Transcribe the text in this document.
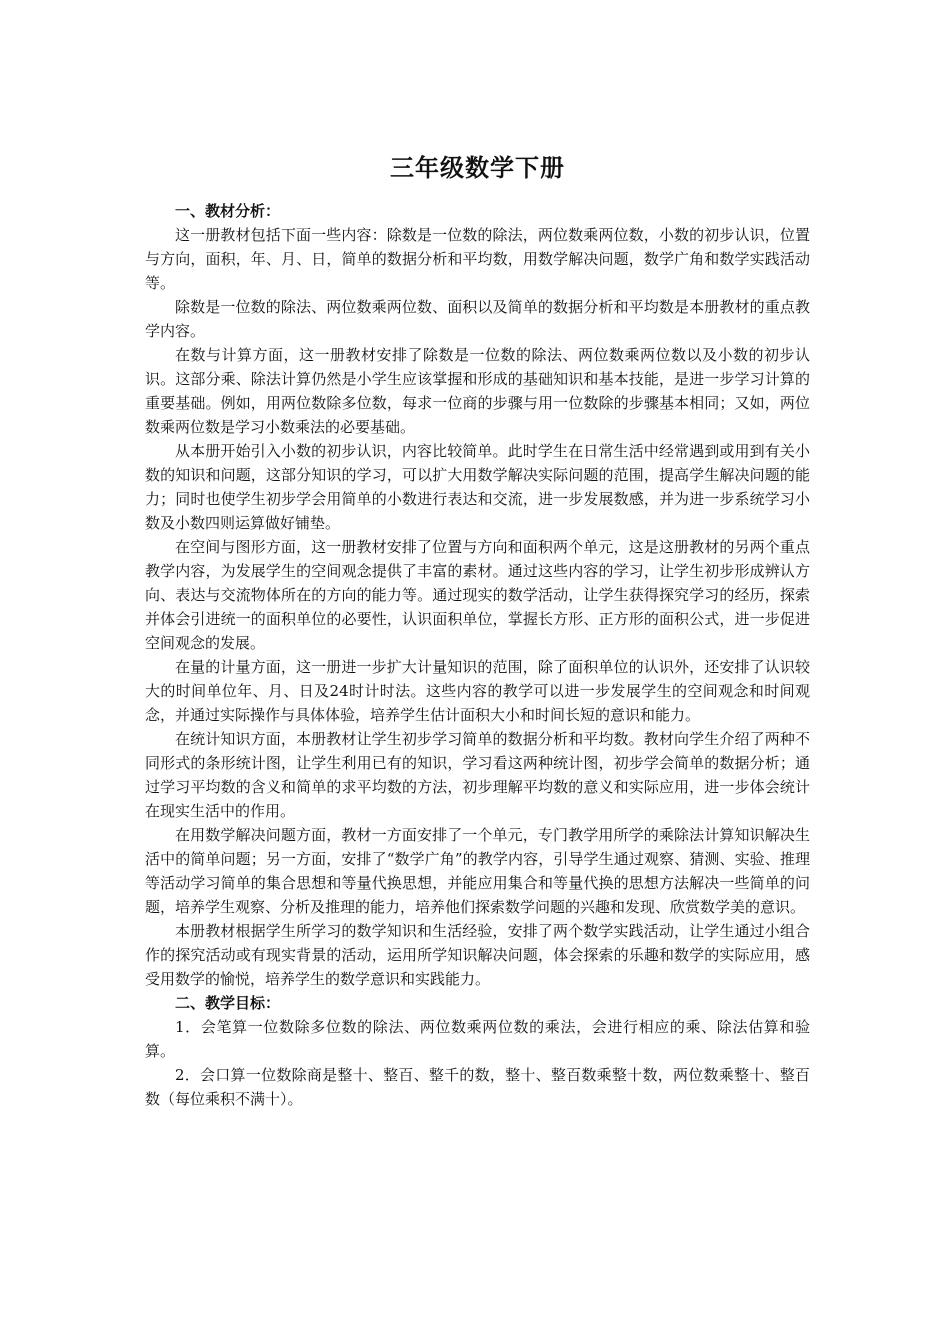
三年级数学下册

一、教材分析：

这一册教材包括下面一些内容：除数是一位数的除法，两位数乘两位数，小数的初步认识，位置与方向，面积，年、月、日，简单的数据分析和平均数，用数学解决问题，数学广角和数学实践活动等。

除数是一位数的除法、两位数乘两位数、面积以及简单的数据分析和平均数是本册教材的重点教学内容。

在数与计算方面，这一册教材安排了除数是一位数的除法、两位数乘两位数以及小数的初步认识。这部分乘、除法计算仍然是小学生应该掌握和形成的基础知识和基本技能，是进一步学习计算的重要基础。例如，用两位数除多位数，每求一位商的步骤与用一位数除的步骤基本相同；又如，两位数乘两位数是学习小数乘法的必要基础。

从本册开始引入小数的初步认识，内容比较简单。此时学生在日常生活中经常遇到或用到有关小数的知识和问题，这部分知识的学习，可以扩大用数学解决实际问题的范围，提高学生解决问题的能力；同时也使学生初步学会用简单的小数进行表达和交流，进一步发展数感，并为进一步系统学习小数及小数四则运算做好铺垫。

在空间与图形方面，这一册教材安排了位置与方向和面积两个单元，这是这册教材的另两个重点教学内容，为发展学生的空间观念提供了丰富的素材。通过这些内容的学习，让学生初步形成辨认方向、表达与交流物体所在的方向的能力等。通过现实的数学活动，让学生获得探究学习的经历，探索并体会引进统一的面积单位的必要性，认识面积单位，掌握长方形、正方形的面积公式，进一步促进空间观念的发展。

在量的计量方面，这一册进一步扩大计量知识的范围，除了面积单位的认识外，还安排了认识较大的时间单位年、月、日及24时计时法。这些内容的教学可以进一步发展学生的空间观念和时间观念，并通过实际操作与具体体验，培养学生估计面积大小和时间长短的意识和能力。

在统计知识方面，本册教材让学生初步学习简单的数据分析和平均数。教材向学生介绍了两种不同形式的条形统计图，让学生利用已有的知识，学习看这两种统计图，初步学会简单的数据分析；通过学习平均数的含义和简单的求平均数的方法，初步理解平均数的意义和实际应用，进一步体会统计在现实生活中的作用。

在用数学解决问题方面，教材一方面安排了一个单元，专门教学用所学的乘除法计算知识解决生活中的简单问题；另一方面，安排了“数学广角”的教学内容，引导学生通过观察、猜测、实验、推理等活动学习简单的集合思想和等量代换思想，并能应用集合和等量代换的思想方法解决一些简单的问题，培养学生观察、分析及推理的能力，培养他们探索数学问题的兴趣和发现、欣赏数学美的意识。

本册教材根据学生所学习的数学知识和生活经验，安排了两个数学实践活动，让学生通过小组合作的探究活动或有现实背景的活动，运用所学知识解决问题，体会探索的乐趣和数学的实际应用，感受用数学的愉悦，培养学生的数学意识和实践能力。

二、教学目标：

1．会笔算一位数除多位数的除法、两位数乘两位数的乘法，会进行相应的乘、除法估算和验算。

2．会口算一位数除商是整十、整百、整千的数，整十、整百数乘整十数，两位数乘整十、整百数（每位乘积不满十）。
